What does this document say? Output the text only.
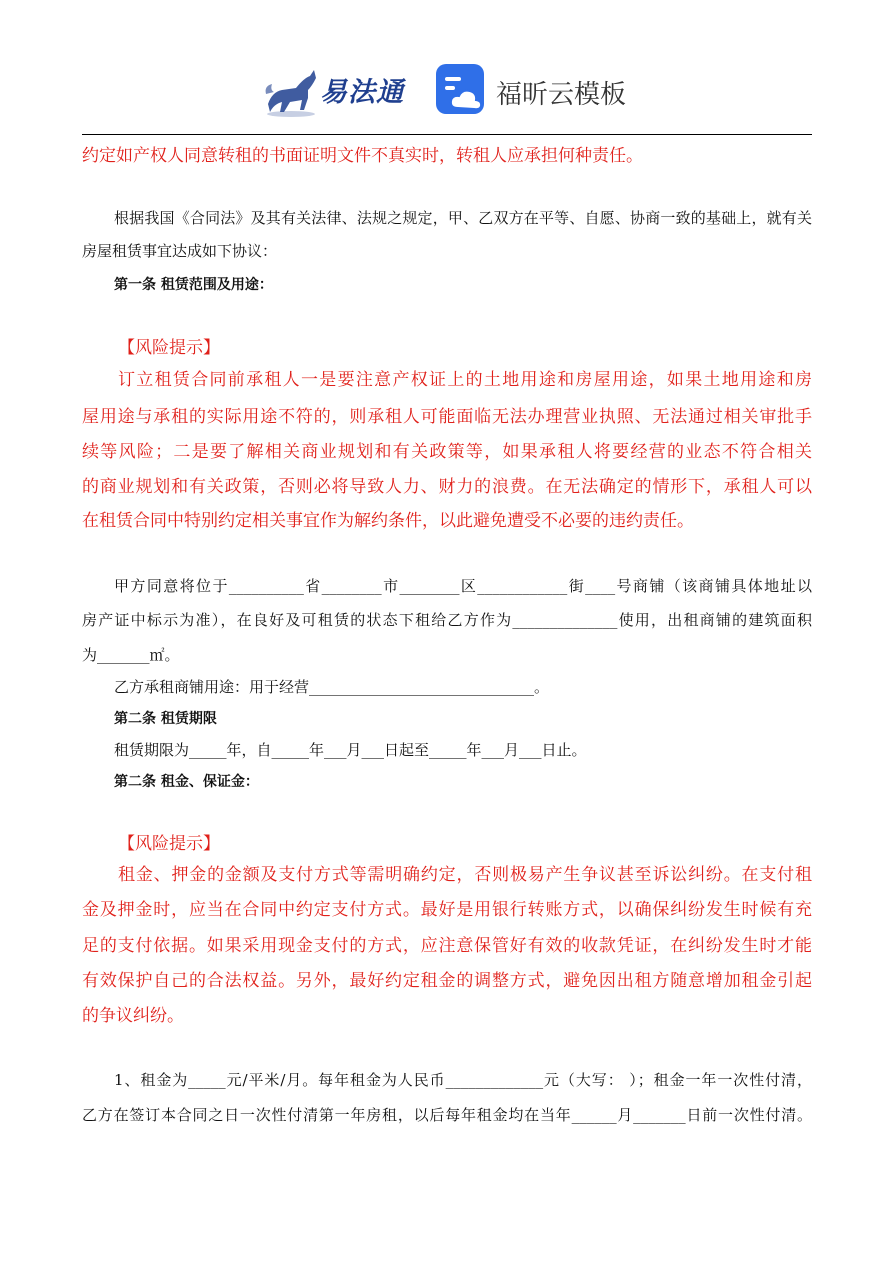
易法通	福昕云模板
约定如产权人同意转租的书面证明文件不真实时，转租人应承担何种责任。
根据我国《合同法》及其有关法律、法规之规定，甲、乙双方在平等、自愿、协商一致的基础上，就有关
房屋租赁事宜达成如下协议：
第一条 租赁范围及用途：
【风险提示】
订立租赁合同前承租人一是要注意产权证上的土地用途和房屋用途，如果土地用途和房
屋用途与承租的实际用途不符的，则承租人可能面临无法办理营业执照、无法通过相关审批手
续等风险；二是要了解相关商业规划和有关政策等，如果承租人将要经营的业态不符合相关
的商业规划和有关政策，否则必将导致人力、财力的浪费。在无法确定的情形下，承租人可以
在租赁合同中特别约定相关事宜作为解约条件，以此避免遭受不必要的违约责任。
甲方同意将位于__________省________市________区____________街____号商铺（该商铺具体地址以
房产证中标示为准），在良好及可租赁的状态下租给乙方作为______________使用，出租商铺的建筑面积
为_______㎡。
乙方承租商铺用途：用于经营______________________________。
第二条 租赁期限
租赁期限为_____年，自_____年___月___日起至_____年___月___日止。
第二条 租金、保证金：
【风险提示】
租金、押金的金额及支付方式等需明确约定，否则极易产生争议甚至诉讼纠纷。在支付租
金及押金时，应当在合同中约定支付方式。最好是用银行转账方式，以确保纠纷发生时候有充
足的支付依据。如果采用现金支付的方式，应注意保管好有效的收款凭证，在纠纷发生时才能
有效保护自己的合法权益。另外，最好约定租金的调整方式，避免因出租方随意增加租金引起
的争议纠纷。
1、租金为_____元/平米/月。每年租金为人民币_____________元（大写： ）；租金一年一次性付清，
乙方在签订本合同之日一次性付清第一年房租，以后每年租金均在当年______月_______日前一次性付清。
